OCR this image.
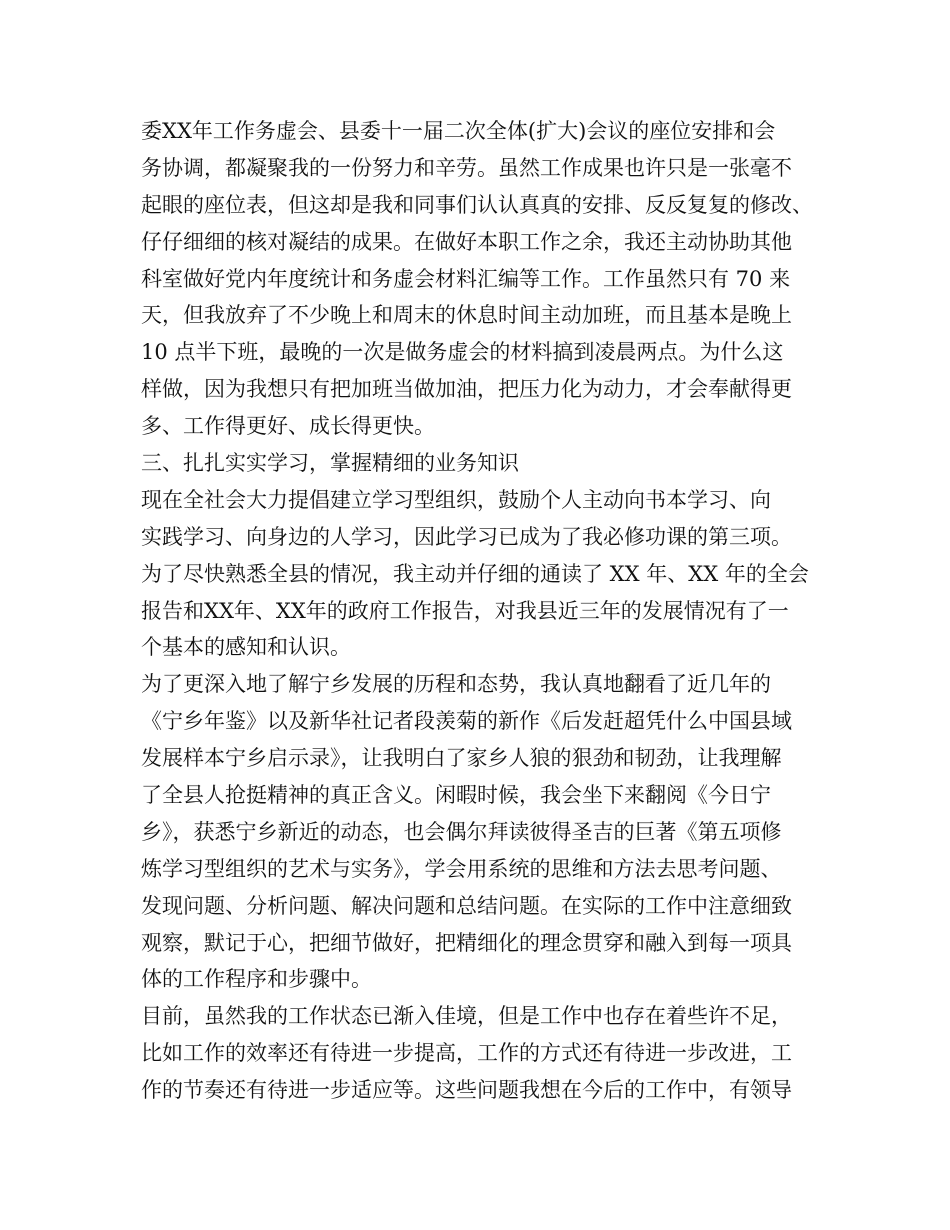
委XX年工作务虚会、县委十一届二次全体(扩大)会议的座位安排和会
务协调，都凝聚我的一份努力和辛劳。虽然工作成果也许只是一张毫不
起眼的座位表，但这却是我和同事们认认真真的安排、反反复复的修改、
仔仔细细的核对凝结的成果。在做好本职工作之余，我还主动协助其他
科室做好党内年度统计和务虚会材料汇编等工作。工作虽然只有 70 来
天，但我放弃了不少晚上和周末的休息时间主动加班，而且基本是晚上
10 点半下班，最晚的一次是做务虚会的材料搞到凌晨两点。为什么这
样做，因为我想只有把加班当做加油，把压力化为动力，才会奉献得更
多、工作得更好、成长得更快。
三、扎扎实实学习，掌握精细的业务知识
现在全社会大力提倡建立学习型组织，鼓励个人主动向书本学习、向
实践学习、向身边的人学习，因此学习已成为了我必修功课的第三项。
为了尽快熟悉全县的情况，我主动并仔细的通读了 XX 年、XX 年的全会
报告和XX年、XX年的政府工作报告，对我县近三年的发展情况有了一
个基本的感知和认识。
为了更深入地了解宁乡发展的历程和态势，我认真地翻看了近几年的
《宁乡年鉴》以及新华社记者段羡菊的新作《后发赶超凭什么中国县域
发展样本宁乡启示录》，让我明白了家乡人狼的狠劲和韧劲，让我理解
了全县人抢挺精神的真正含义。闲暇时候，我会坐下来翻阅《今日宁
乡》，获悉宁乡新近的动态，也会偶尔拜读彼得圣吉的巨著《第五项修
炼学习型组织的艺术与实务》，学会用系统的思维和方法去思考问题、
发现问题、分析问题、解决问题和总结问题。在实际的工作中注意细致
观察，默记于心，把细节做好，把精细化的理念贯穿和融入到每一项具
体的工作程序和步骤中。
目前，虽然我的工作状态已渐入佳境，但是工作中也存在着些许不足，
比如工作的效率还有待进一步提高，工作的方式还有待进一步改进，工
作的节奏还有待进一步适应等。这些问题我想在今后的工作中，有领导
